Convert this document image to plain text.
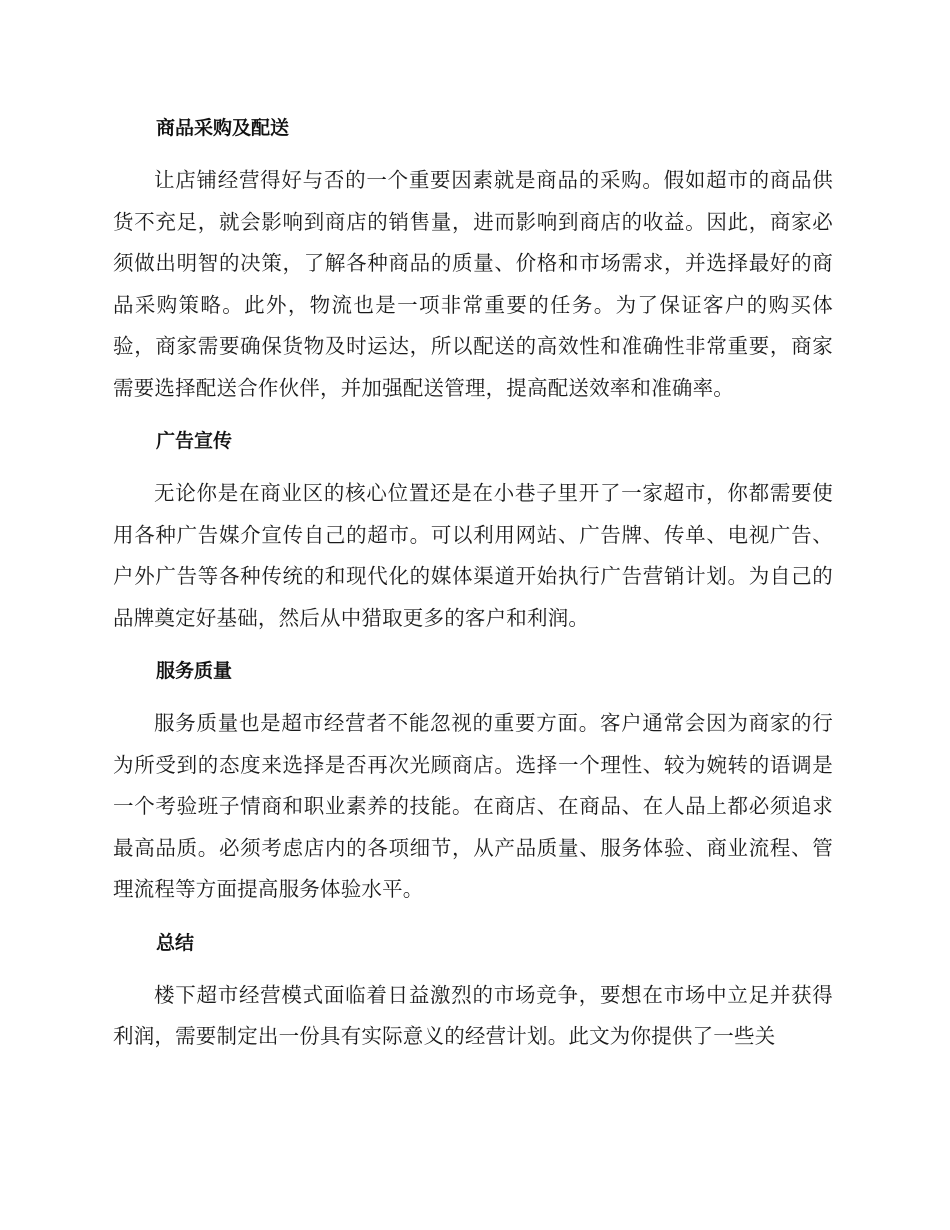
商品采购及配送

让店铺经营得好与否的一个重要因素就是商品的采购。假如超市的商品供货不充足，就会影响到商店的销售量，进而影响到商店的收益。因此，商家必须做出明智的决策，了解各种商品的质量、价格和市场需求，并选择最好的商品采购策略。此外，物流也是一项非常重要的任务。为了保证客户的购买体验，商家需要确保货物及时运达，所以配送的高效性和准确性非常重要，商家需要选择配送合作伙伴，并加强配送管理，提高配送效率和准确率。

广告宣传

无论你是在商业区的核心位置还是在小巷子里开了一家超市，你都需要使用各种广告媒介宣传自己的超市。可以利用网站、广告牌、传单、电视广告、户外广告等各种传统的和现代化的媒体渠道开始执行广告营销计划。为自己的品牌奠定好基础，然后从中猎取更多的客户和利润。

服务质量

服务质量也是超市经营者不能忽视的重要方面。客户通常会因为商家的行为所受到的态度来选择是否再次光顾商店。选择一个理性、较为婉转的语调是一个考验班子情商和职业素养的技能。在商店、在商品、在人品上都必须追求最高品质。必须考虑店内的各项细节，从产品质量、服务体验、商业流程、管理流程等方面提高服务体验水平。

总结

楼下超市经营模式面临着日益激烈的市场竞争，要想在市场中立足并获得利润，需要制定出一份具有实际意义的经营计划。此文为你提供了一些关
